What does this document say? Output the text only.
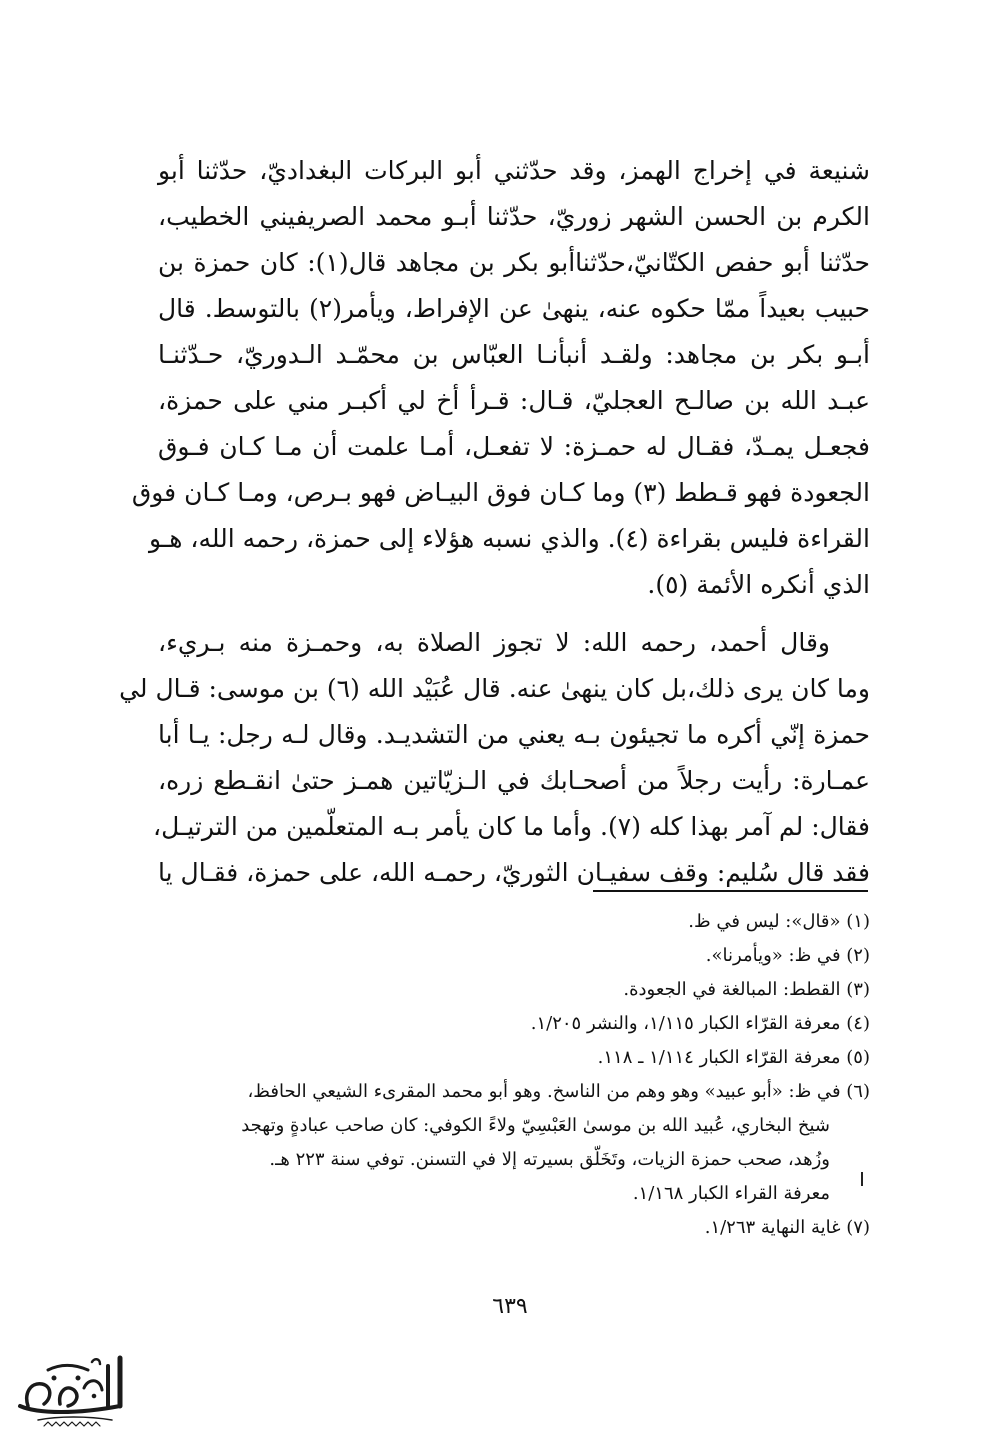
شنيعة في إخراج الهمز، وقد حدّثني أبو البركات البغداديّ، حدّثنا أبو
الكرم بن الحسن الشهر زوريّ، حدّثنا أبـو محمد الصريفيني الخطيب،
حدّثنا أبو حفص الكتّانيّ،حدّثناأبو بكر بن مجاهد قال(١): كان حمزة بن
حبيب بعيداً ممّا حكوه عنه، ينهىٰ عن الإفراط، ويأمر(٢) بالتوسط. قال
أبـو بكر بن مجاهد: ولقـد أنبأنـا العبّاس بن محمّـد الـدوريّ، حـدّثنـا
عبـد الله بن صالـح العجليّ، قـال: قـرأ أخ لي أكبـر مني على حمزة،
فجعـل يمـدّ، فقـال له حمـزة: لا تفعـل، أمـا علمت أن مـا كـان فـوق
الجعودة فهو قـطط (٣) وما كـان فوق البيـاض فهو بـرص، ومـا كـان فوق
القراءة فليس بقراءة (٤). والذي نسبه هؤلاء إلى حمزة، رحمه الله، هـو
الذي أنكره الأئمة (٥).
وقال أحمد، رحمه الله: لا تجوز الصلاة به، وحمـزة منه بـريء،
وما كان يرى ذلك،بل كان ينهىٰ عنه. قال عُبَيْد الله (٦) بن موسى: قـال لي
حمزة إنّي أكره ما تجيئون بـه يعني من التشديـد. وقال لـه رجل: يـا أبا
عمـارة: رأيت رجلاً من أصحـابك في الـزيّاتين همـز حتىٰ انقـطع زره،
فقال: لم آمر بهذا كله (٧). وأما ما كان يأمر بـه المتعلّمين من الترتيـل،
فقد قال سُليم: وقف سفيـان الثوريّ، رحمـه الله، على حمزة، فقـال يا
(١) «قال»: ليس في ظ.
(٢) في ظ: «ويأمرنا».
(٣) القطط: المبالغة في الجعودة.
(٤) معرفة القرّاء الكبار ١/١١٥، والنشر ١/٢٠٥.
(٥) معرفة القرّاء الكبار ١/١١٤ ـ ١١٨.
(٦) في ظ: «أبو عبيد» وهو وهم من الناسخ. وهو أبو محمد المقرىء الشيعي الحافظ،
شيخ البخاري، عُبيد الله بن موسىٰ العَبْسِيّ ولاءً الكوفي: كان صاحب عبادةٍ وتهجد
وزُهد، صحب حمزة الزيات، وتَخَلّق بسيرته إلا في التسنن. توفي سنة ٢٢٣ هـ.
معرفة القراء الكبار ١/١٦٨.
(٧) غاية النهاية ١/٢٦٣.
٦٣٩
